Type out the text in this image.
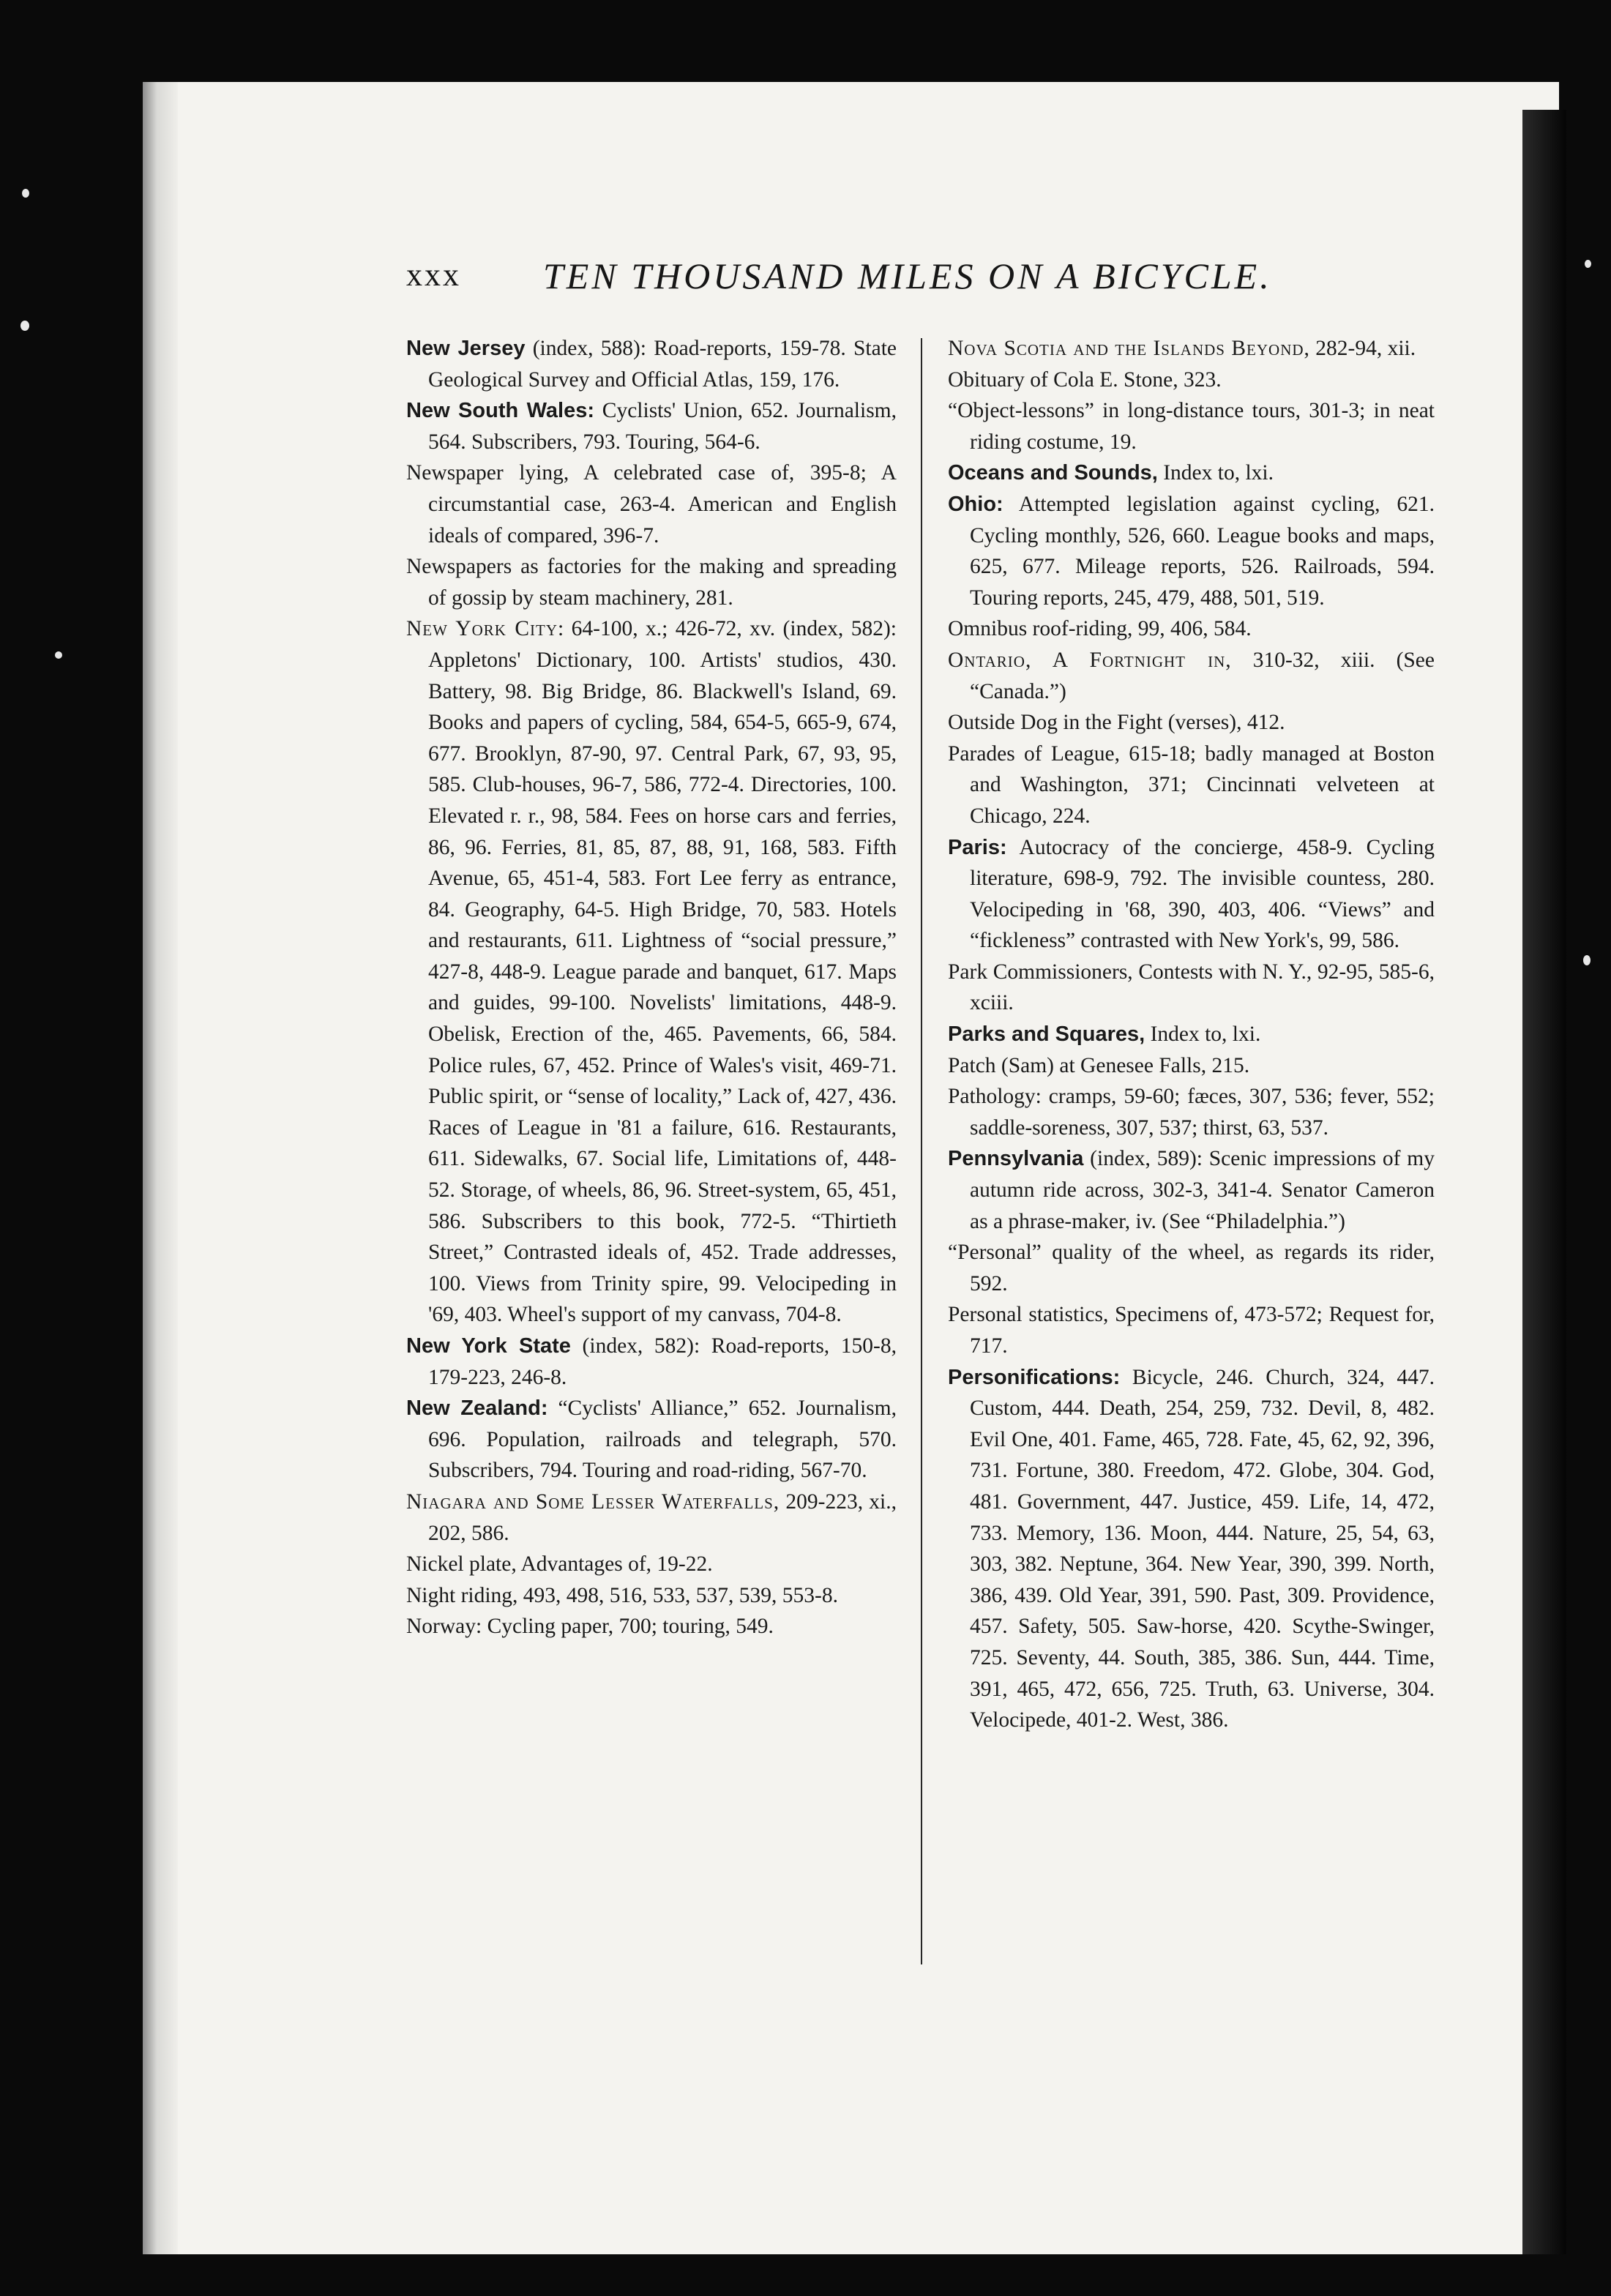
xxx TEN THOUSAND MILES ON A BICYCLE.
New Jersey (index, 588): Road-reports, 159-78. State Geological Survey and Official Atlas, 159, 176.
New South Wales: Cyclists' Union, 652. Journalism, 564. Subscribers, 793. Touring, 564-6.
Newspaper lying, A celebrated case of, 395-8; A circumstantial case, 263-4. American and English ideals of compared, 396-7.
Newspapers as factories for the making and spreading of gossip by steam machinery, 281.
New York City: 64-100, x.; 426-72, xv. (index, 582): Appletons' Dictionary, 100. Artists' studios, 430. Battery, 98. Big Bridge, 86. Blackwell's Island, 69. Books and papers of cycling, 584, 654-5, 665-9, 674, 677. Brooklyn, 87-90, 97. Central Park, 67, 93, 95, 585. Club-houses, 96-7, 586, 772-4. Directories, 100. Elevated r. r., 98, 584. Fees on horse cars and ferries, 86, 96. Ferries, 81, 85, 87, 88, 91, 168, 583. Fifth Avenue, 65, 451-4, 583. Fort Lee ferry as entrance, 84. Geography, 64-5. High Bridge, 70, 583. Hotels and restaurants, 611. Lightness of “social pressure,” 427-8, 448-9. League parade and banquet, 617. Maps and guides, 99-100. Novelists' limitations, 448-9. Obelisk, Erection of the, 465. Pavements, 66, 584. Police rules, 67, 452. Prince of Wales's visit, 469-71. Public spirit, or “sense of locality,” Lack of, 427, 436. Races of League in '81 a failure, 616. Restaurants, 611. Sidewalks, 67. Social life, Limitations of, 448-52. Storage, of wheels, 86, 96. Street-system, 65, 451, 586. Subscribers to this book, 772-5. “Thirtieth Street,” Contrasted ideals of, 452. Trade addresses, 100. Views from Trinity spire, 99. Velocipeding in '69, 403. Wheel's support of my canvass, 704-8.
New York State (index, 582): Road-reports, 150-8, 179-223, 246-8.
New Zealand: “Cyclists' Alliance,” 652. Journalism, 696. Population, railroads and telegraph, 570. Subscribers, 794. Touring and road-riding, 567-70.
Niagara and Some Lesser Waterfalls, 209-223, xi., 202, 586.
Nickel plate, Advantages of, 19-22.
Night riding, 493, 498, 516, 533, 537, 539, 553-8.
Norway: Cycling paper, 700; touring, 549.
Nova Scotia and the Islands Beyond, 282-94, xii.
Obituary of Cola E. Stone, 323.
“Object-lessons” in long-distance tours, 301-3; in neat riding costume, 19.
Oceans and Sounds, Index to, lxi.
Ohio: Attempted legislation against cycling, 621. Cycling monthly, 526, 660. League books and maps, 625, 677. Mileage reports, 526. Railroads, 594. Touring reports, 245, 479, 488, 501, 519.
Omnibus roof-riding, 99, 406, 584.
Ontario, A Fortnight in, 310-32, xiii. (See “Canada.”)
Outside Dog in the Fight (verses), 412.
Parades of League, 615-18; badly managed at Boston and Washington, 371; Cincinnati velveteen at Chicago, 224.
Paris: Autocracy of the concierge, 458-9. Cycling literature, 698-9, 792. The invisible countess, 280. Velocipeding in '68, 390, 403, 406. “Views” and “fickleness” contrasted with New York's, 99, 586.
Park Commissioners, Contests with N. Y., 92-95, 585-6, xciii.
Parks and Squares, Index to, lxi.
Patch (Sam) at Genesee Falls, 215.
Pathology: cramps, 59-60; fæces, 307, 536; fever, 552; saddle-soreness, 307, 537; thirst, 63, 537.
Pennsylvania (index, 589): Scenic impressions of my autumn ride across, 302-3, 341-4. Senator Cameron as a phrase-maker, iv. (See “Philadelphia.”)
“Personal” quality of the wheel, as regards its rider, 592.
Personal statistics, Specimens of, 473-572; Request for, 717.
Personifications: Bicycle, 246. Church, 324, 447. Custom, 444. Death, 254, 259, 732. Devil, 8, 482. Evil One, 401. Fame, 465, 728. Fate, 45, 62, 92, 396, 731. Fortune, 380. Freedom, 472. Globe, 304. God, 481. Government, 447. Justice, 459. Life, 14, 472, 733. Memory, 136. Moon, 444. Nature, 25, 54, 63, 303, 382. Neptune, 364. New Year, 390, 399. North, 386, 439. Old Year, 391, 590. Past, 309. Providence, 457. Safety, 505. Saw-horse, 420. Scythe-Swinger, 725. Seventy, 44. South, 385, 386. Sun, 444. Time, 391, 465, 472, 656, 725. Truth, 63. Universe, 304. Velocipede, 401-2. West, 386.
